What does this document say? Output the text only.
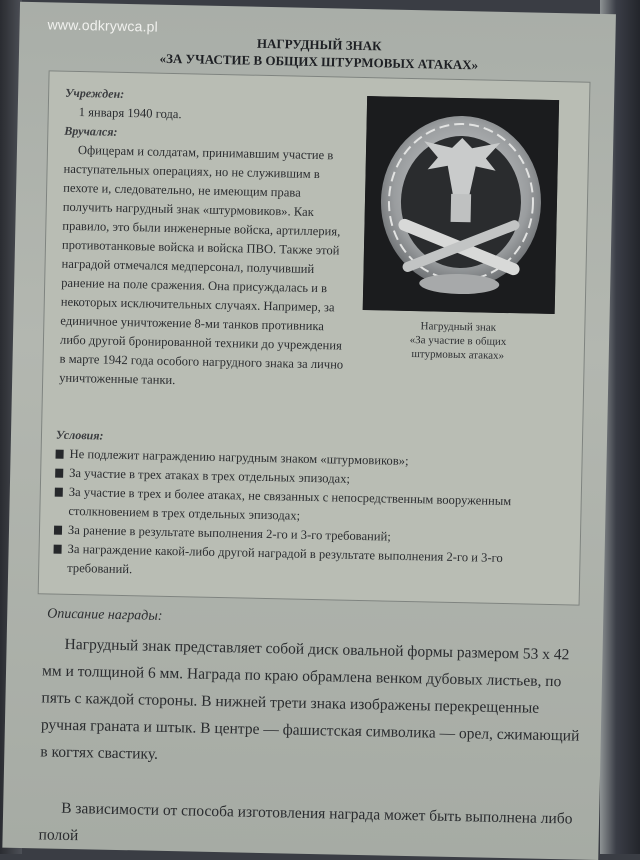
www.odkrywca.pl
НАГРУДНЫЙ ЗНАК
«ЗА УЧАСТИЕ В ОБЩИХ ШТУРМОВЫХ АТАКАХ»
Учрежден:
1 января 1940 года.
Вручался:
Нагрудный знак
«За участие в общих
штурмовых атаках»
Офицерам и солдатам, принимавшим участие в наступательных операциях, но не служившим в пехоте и, следовательно, не имеющим права получить нагрудный знак «штурмовиков». Как правило, это были инженерные войска, артиллерия, противотанковые войска и войска ПВО. Также этой наградой отмечался медперсонал, получивший ранение на поле сражения. Она присуждалась и в некоторых исключительных случаях. Например, за единичное уничтожение 8-ми танков противника либо другой бронированной техники до учреждения в марте 1942 года особого нагрудного знака за лично уничтоженные танки.
Условия:
Не подлежит награждению нагрудным знаком «штурмовиков»;
За участие в трех атаках в трех отдельных эпизодах;
За участие в трех и более атаках, не связанных с непосредственным вооруженным столкновением в трех отдельных эпизодах;
За ранение в результате выполнения 2-го и 3-го требований;
За награждение какой-либо другой наградой в результате выполнения 2-го и 3-го требований.
Описание награды:
Нагрудный знак представляет собой диск овальной формы размером 53 х 42 мм и толщиной 6 мм. Награда по краю обрамлена венком дубовых листьев, по пять с каждой стороны. В нижней трети знака изображены перекрещенные ручная граната и штык. В центре — фашистская символика — орел, сжимающий в когтях свастику.
В зависимости от способа изготовления награда может быть выполнена либо полой
